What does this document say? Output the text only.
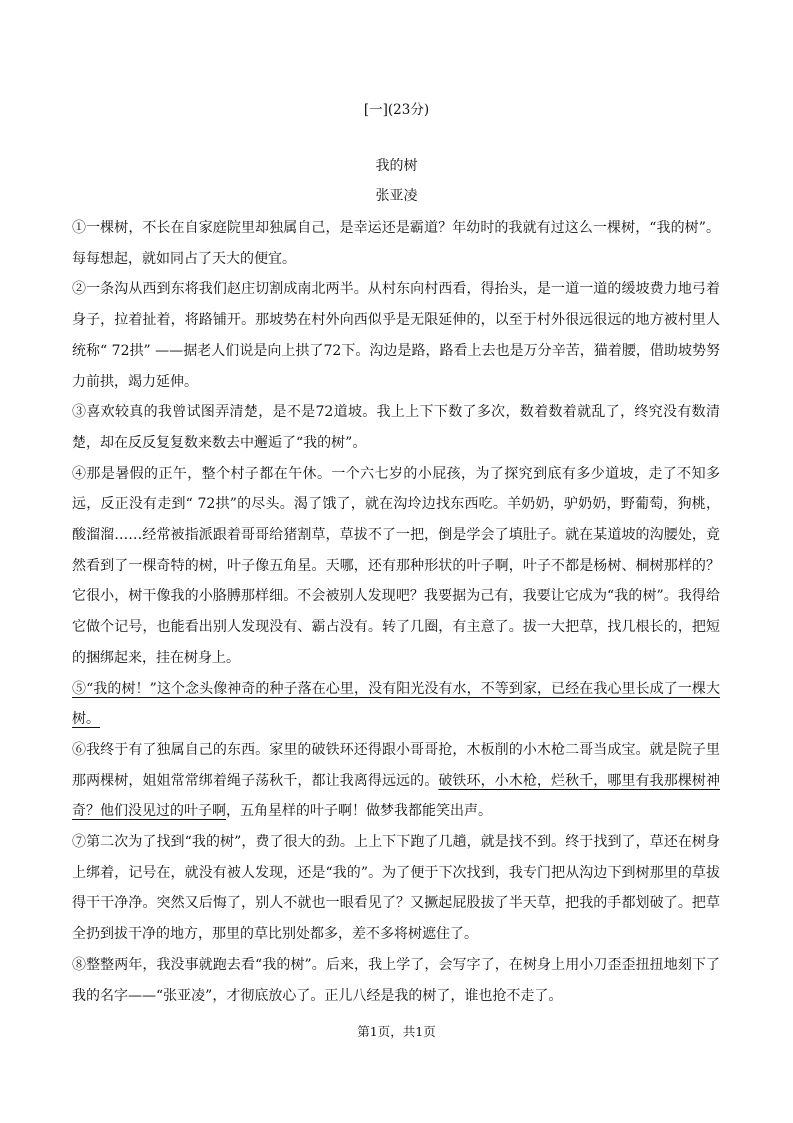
[一](23分)
我的树
张亚凌

①一棵树，不长在自家庭院里却独属自己，是幸运还是霸道？年幼时的我就有过这么一棵树，“我的树”。每每想起，就如同占了天大的便宜。

②一条沟从西到东将我们赵庄切割成南北两半。从村东向村西看，得抬头，是一道一道的缓坡费力地弓着身子，拉着扯着，将路铺开。那坡势在村外向西似乎是无限延伸的，以至于村外很远很远的地方被村里人统称“ 72拱” ——据老人们说是向上拱了72下。沟边是路，路看上去也是万分辛苦，猫着腰，借助坡势努力前拱，竭力延伸。

③喜欢较真的我曾试图弄清楚，是不是72道坡。我上上下下数了多次，数着数着就乱了，终究没有数清楚，却在反反复复数来数去中邂逅了“我的树”。

④那是暑假的正午，整个村子都在午休。一个六七岁的小屁孩，为了探究到底有多少道坡，走了不知多远，反正没有走到“ 72拱”的尽头。渴了饿了，就在沟坽边找东西吃。羊奶奶，驴奶奶，野葡萄，狗桃，酸溜溜……经常被指派跟着哥哥给猪割草，草拔不了一把，倒是学会了填肚子。就在某道坡的沟腰处，竟然看到了一棵奇特的树，叶子像五角星。天哪，还有那种形状的叶子啊，叶子不都是杨树、桐树那样的？它很小，树干像我的小胳膊那样细。不会被别人发现吧？我要据为己有，我要让它成为“我的树”。我得给它做个记号，也能看出别人发现没有、霸占没有。转了几圈，有主意了。拔一大把草，找几根长的，把短的捆绑起来，挂在树身上。

⑤“我的树！”这个念头像神奇的种子落在心里，没有阳光没有水，不等到家，已经在我心里长成了一棵大树。

⑥我终于有了独属自己的东西。家里的破铁环还得跟小哥哥抢，木板削的小木枪二哥当成宝。就是院子里那两棵树，姐姐常常绑着绳子荡秋千，都让我离得远远的。破铁环，小木枪，烂秋千，哪里有我那棵树神奇？他们没见过的叶子啊，五角星样的叶子啊！做梦我都能笑出声。

⑦第二次为了找到“我的树”，费了很大的劲。上上下下跑了几趟，就是找不到。终于找到了，草还在树身上绑着，记号在，就没有被人发现，还是“我的”。为了便于下次找到，我专门把从沟边下到树那里的草拔得干干净净。突然又后悔了，别人不就也一眼看见了？又撅起屁股拔了半天草，把我的手都划破了。把草全扔到拔干净的地方，那里的草比别处都多，差不多将树遮住了。

⑧整整两年，我没事就跑去看“我的树”。后来，我上学了，会写字了，在树身上用小刀歪歪扭扭地刻下了我的名字——“张亚凌”，才彻底放心了。正儿八经是我的树了，谁也抢不走了。

第1页，共1页
